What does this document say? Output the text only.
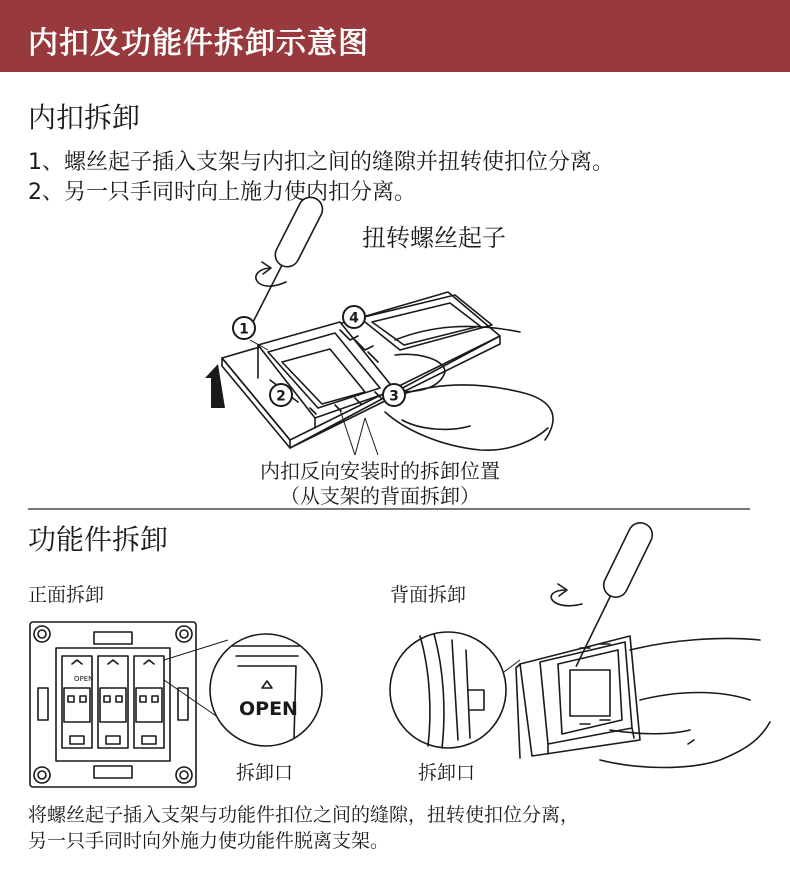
内扣及功能件拆卸示意图
内扣拆卸
1、螺丝起子插入支架与内扣之间的缝隙并扭转使扣位分离。
2、另一只手同时向上施力使内扣分离。
扭转螺丝起子
1
4
2	3
内扣反向安装时的拆卸位置
（从支架的背面拆卸）
功能件拆卸
正面拆卸	背面拆卸
OPEN
OPEN
拆卸口	拆卸口
将螺丝起子插入支架与功能件扣位之间的缝隙，扭转使扣位分离，
另一只手同时向外施力使功能件脱离支架。
